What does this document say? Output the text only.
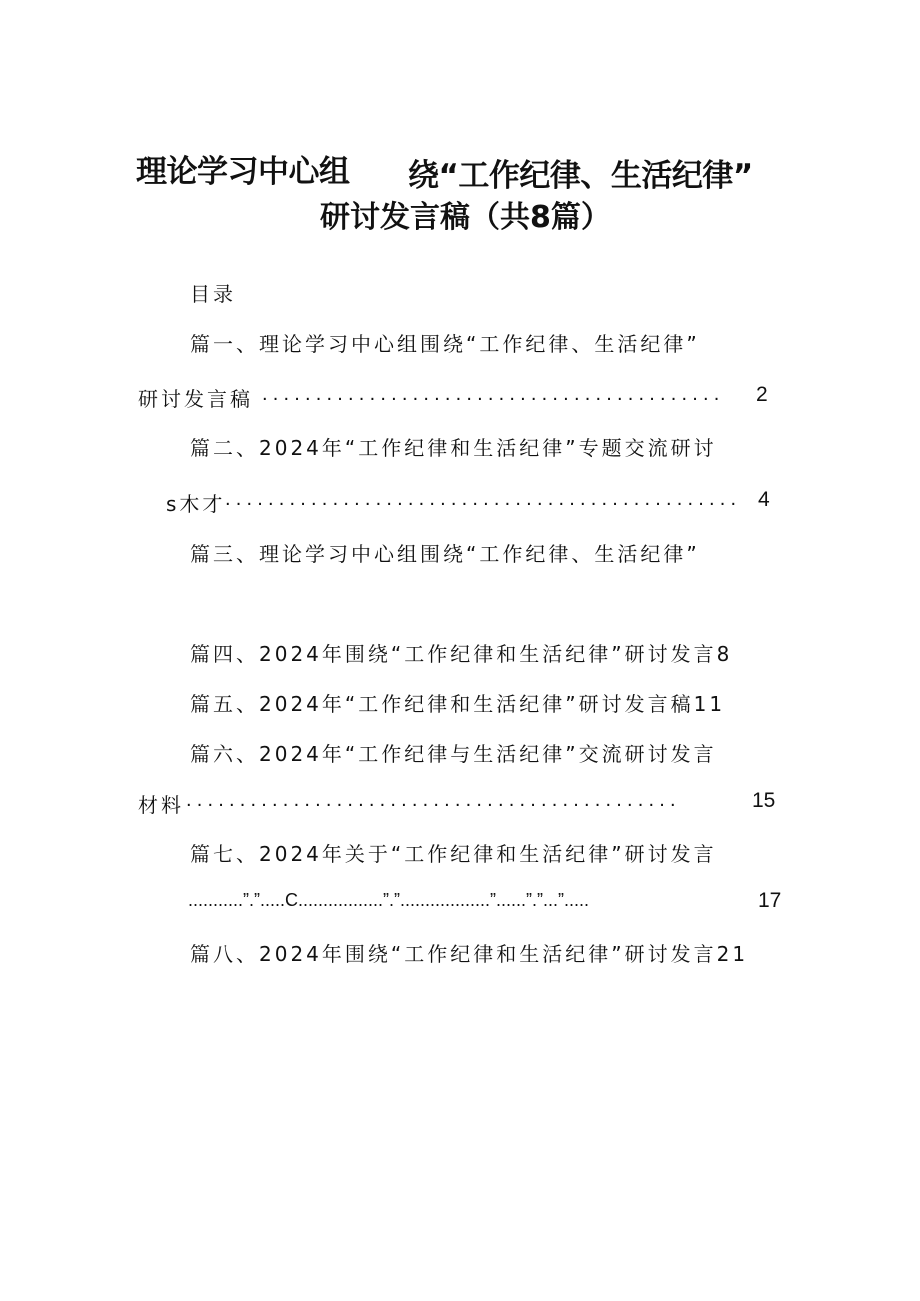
理论学习中心组 绕“工作纪律、生活纪律”
研讨发言稿（共8篇）
目录
篇一、理论学习中心组围绕“工作纪律、生活纪律”
研讨发言稿 ........................................... 2
篇二、2024年“工作纪律和生活纪律”专题交流研讨
s木才 ................................................ 4
篇三、理论学习中心组围绕“工作纪律、生活纪律”
篇四、2024年围绕“工作纪律和生活纪律”研讨发言8
篇五、2024年“工作纪律和生活纪律”研讨发言稿11
篇六、2024年“工作纪律与生活纪律”交流研讨发言
材料 ..............................................	15
篇七、2024年关于“工作纪律和生活纪律”研讨发言
...........”.”.....C.................”.”..................”......”.”...”.....	17
篇八、2024年围绕“工作纪律和生活纪律”研讨发言21
